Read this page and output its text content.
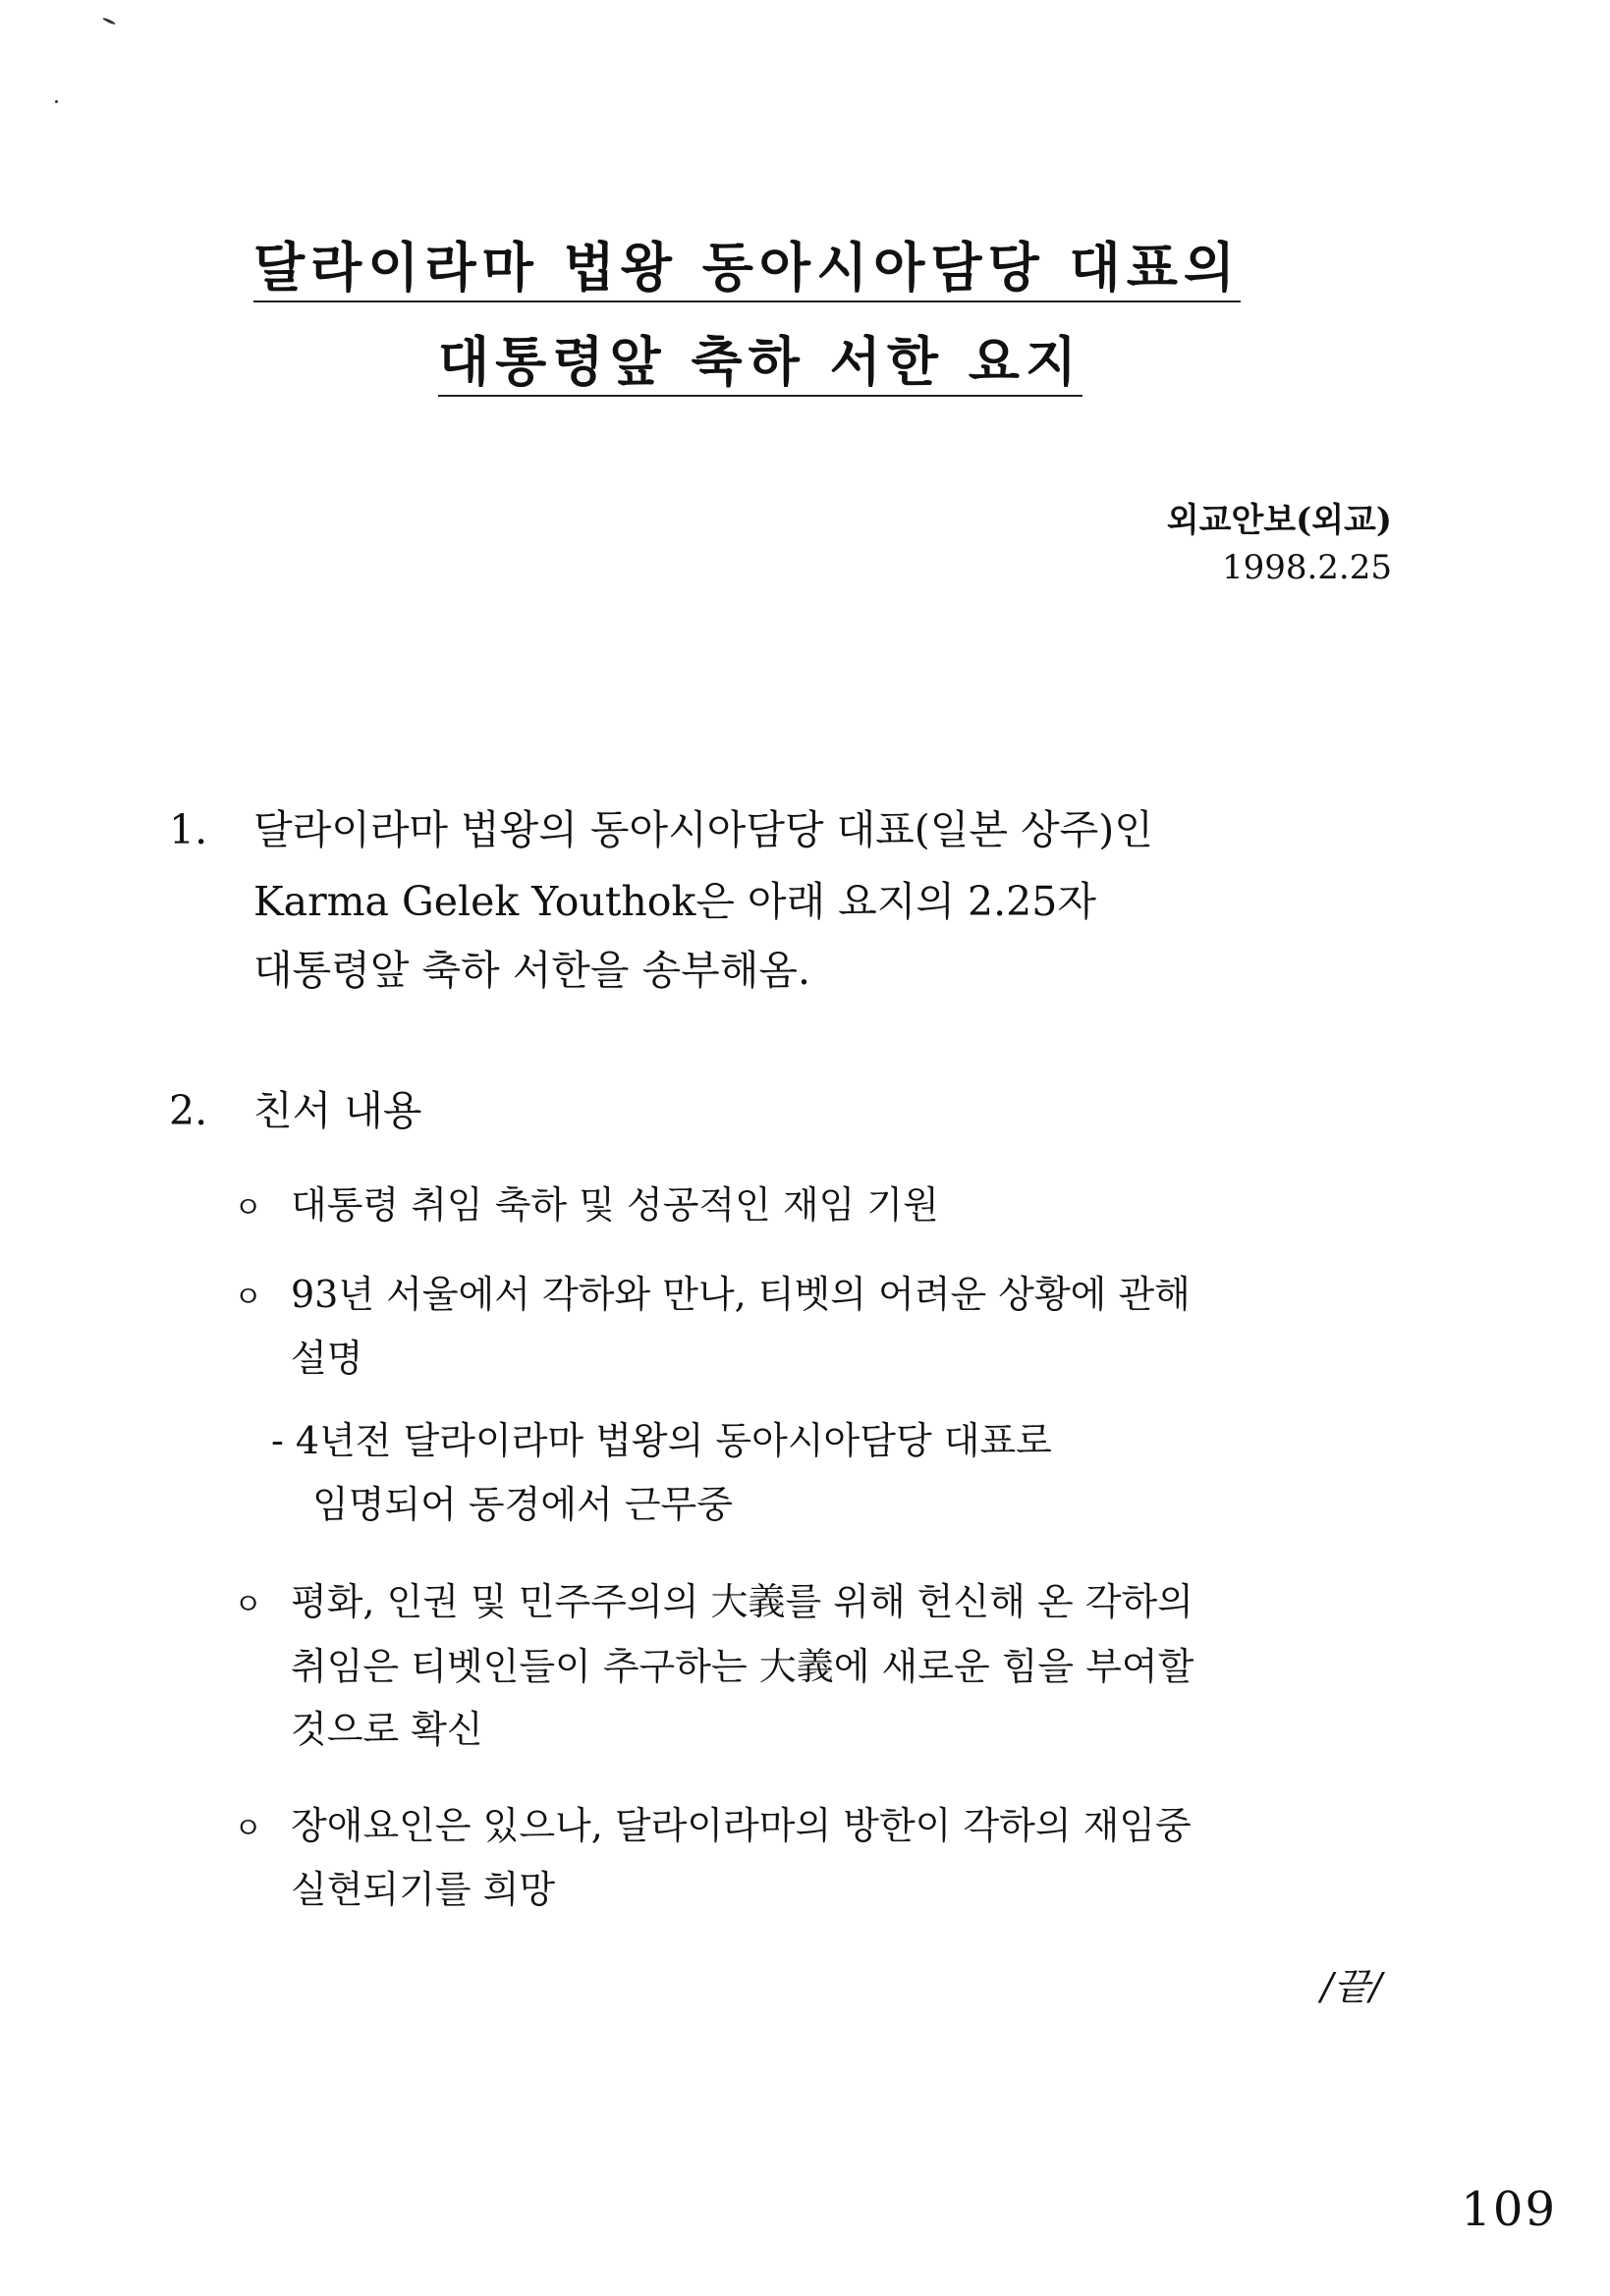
달라이라마 법왕 동아시아담당 대표의
대통령앞 축하 서한 요지
외교안보(외교)
1998.2.25
1. 달라이라마 법왕의 동아시아담당 대표(일본 상주)인
Karma Gelek Youthok은 아래 요지의 2.25자
대통령앞 축하 서한을 송부해옴.
2. 친서 내용
ㅇ 대통령 취임 축하 및 성공적인 재임 기원
ㅇ 93년 서울에서 각하와 만나, 티벳의 어려운 상황에 관해
설명
- 4년전 달라이라마 법왕의 동아시아담당 대표로
임명되어 동경에서 근무중
ㅇ 평화, 인권 및 민주주의의 大義를 위해 헌신해 온 각하의
취임은 티벳인들이 추구하는 大義에 새로운 힘을 부여할
것으로 확신
ㅇ 장애요인은 있으나, 달라이라마의 방한이 각하의 재임중
실현되기를 희망
/끝/
109
